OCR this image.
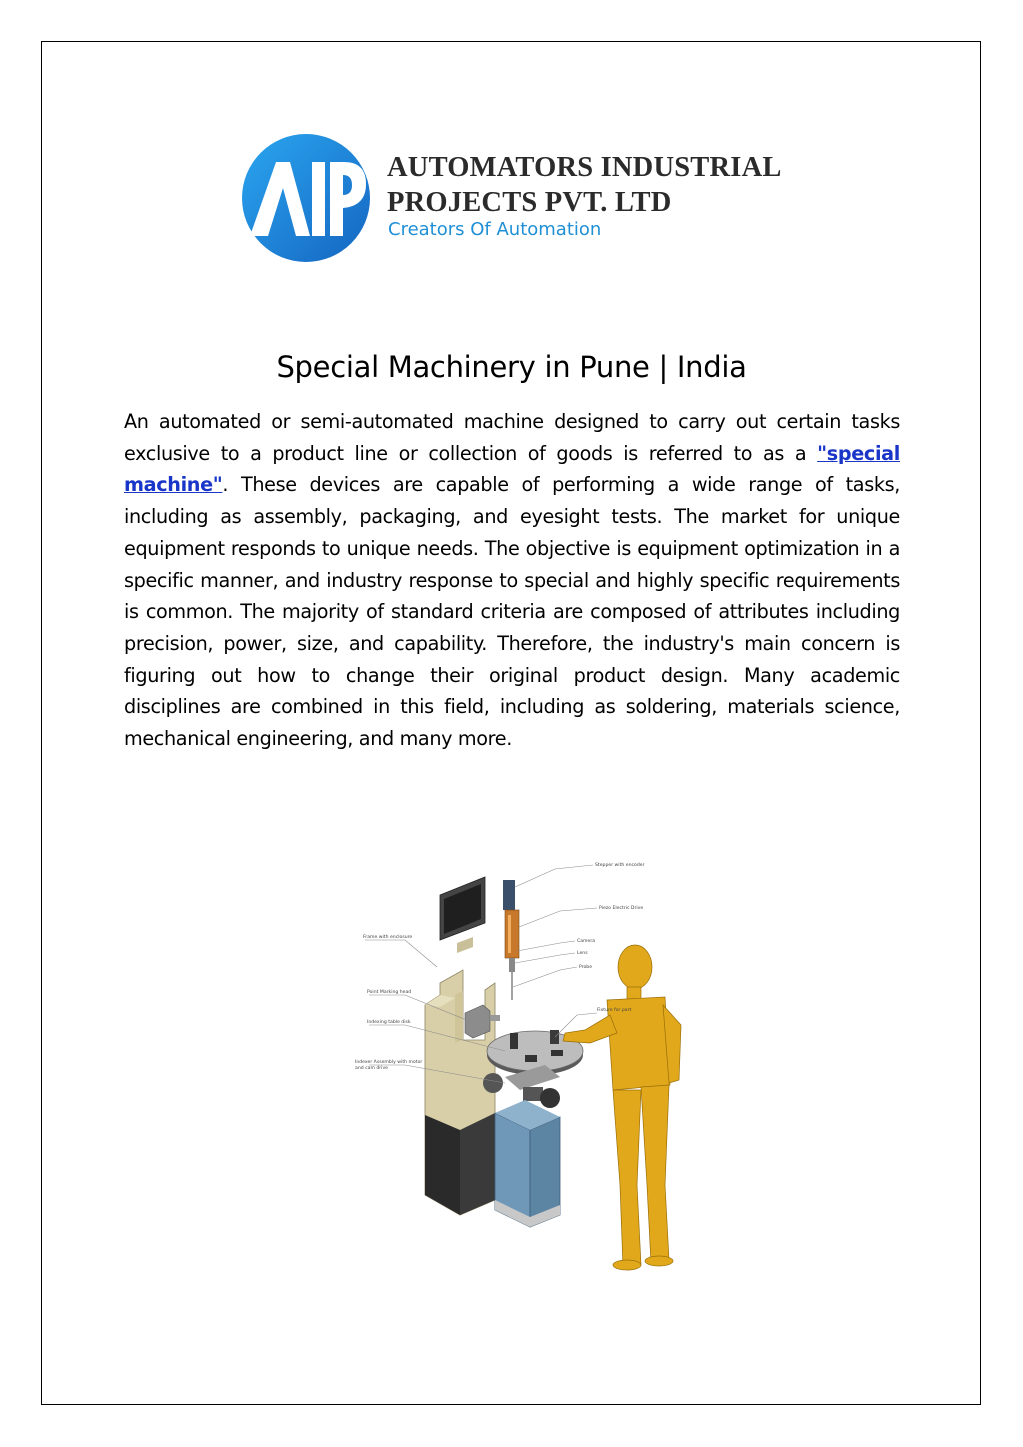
AUTOMATORS INDUSTRIAL
PROJECTS PVT. LTD
Creators Of Automation
Special Machinery in Pune | India

An automated or semi-automated machine designed to carry out certain tasks exclusive to a product line or collection of goods is referred to as a "special machine". These devices are capable of performing a wide range of tasks, including as assembly, packaging, and eyesight tests. The market for unique equipment responds to unique needs. The objective is equipment optimization in a specific manner, and industry response to special and highly specific requirements is common. The majority of standard criteria are composed of attributes including precision, power, size, and capability. Therefore, the industry's main concern is figuring out how to change their original product design. Many academic disciplines are combined in this field, including as soldering, materials science, mechanical engineering, and many more.

Stepper with encoder
Piezo Electric Drive
Camera
Lens
Probe
Frame with enclosure
Point Marking head
Fixture for part
Indexing table disk
Indexer Assembly with motor
and cam drive
